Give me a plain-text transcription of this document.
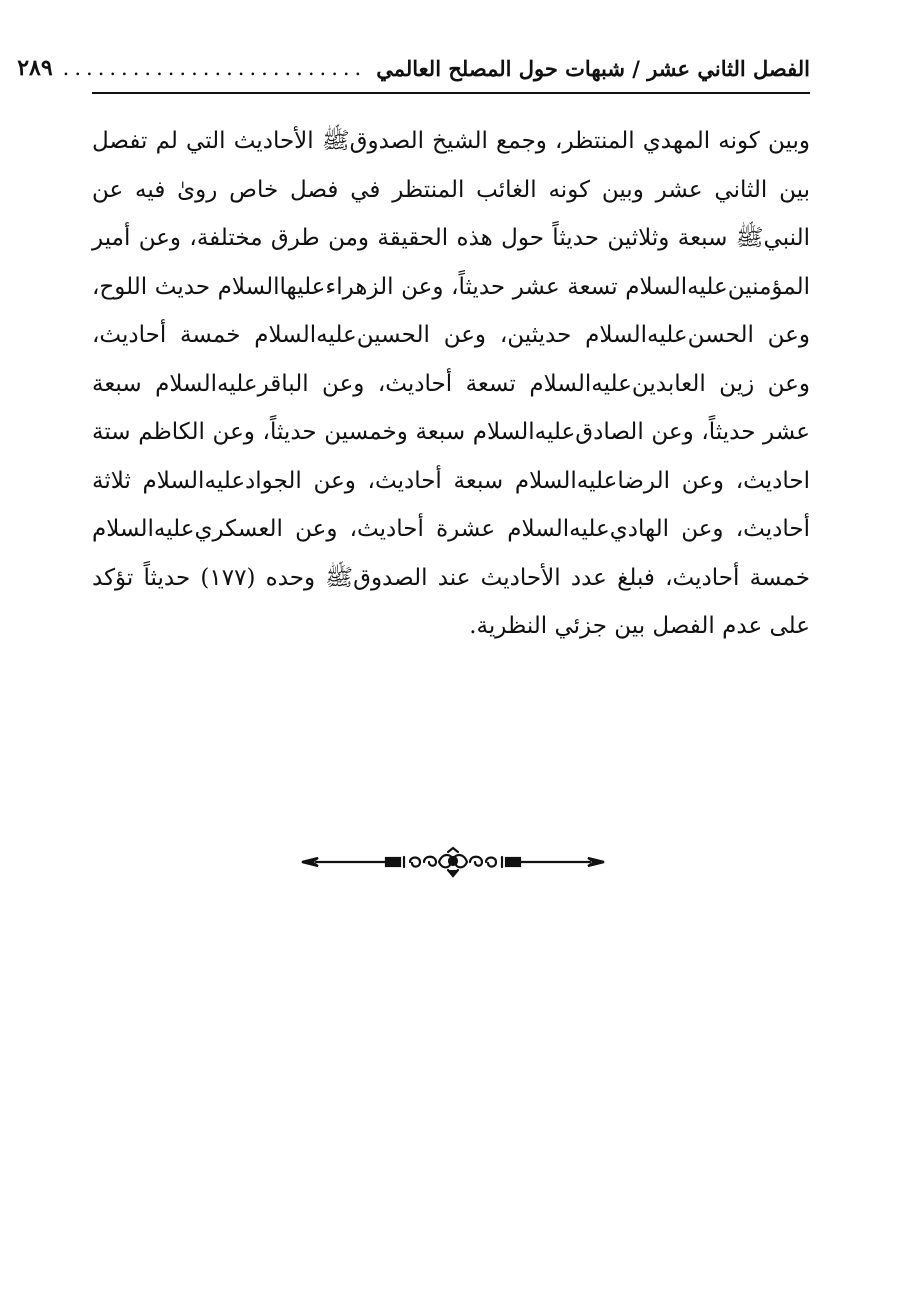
الفصل الثاني عشر / شبهات حول المصلح العالمي
..........................
٢٨٩

وبين كونه المهدي المنتظر، وجمع الشيخ الصدوقﷺ الأحاديث التي لم تفصل بين الثاني عشر وبين كونه الغائب المنتظر في فصل خاص روىٰ فيه عن النبيﷺ سبعة وثلاثين حديثاً حول هذه الحقيقة ومن طرق مختلفة، وعن أمير المؤمنين‌عليه‌السلام تسعة عشر حديثاً، وعن الزهراء‌عليها‌السلام حديث اللوح، وعن الحسن‌عليه‌السلام حديثين، وعن الحسين‌عليه‌السلام خمسة أحاديث، وعن زين العابدين‌عليه‌السلام تسعة أحاديث، وعن الباقر‌عليه‌السلام سبعة عشر حديثاً، وعن الصادق‌عليه‌السلام سبعة وخمسين حديثاً، وعن الكاظم ستة احاديث، وعن الرضا‌عليه‌السلام سبعة أحاديث، وعن الجواد‌عليه‌السلام ثلاثة أحاديث، وعن الهادي‌عليه‌السلام عشرة أحاديث، وعن العسكري‌عليه‌السلام خمسة أحاديث، فبلغ عدد الأحاديث عند الصدوقﷺ وحده (١٧٧) حديثاً تؤكد على عدم الفصل بين جزئي النظرية.
